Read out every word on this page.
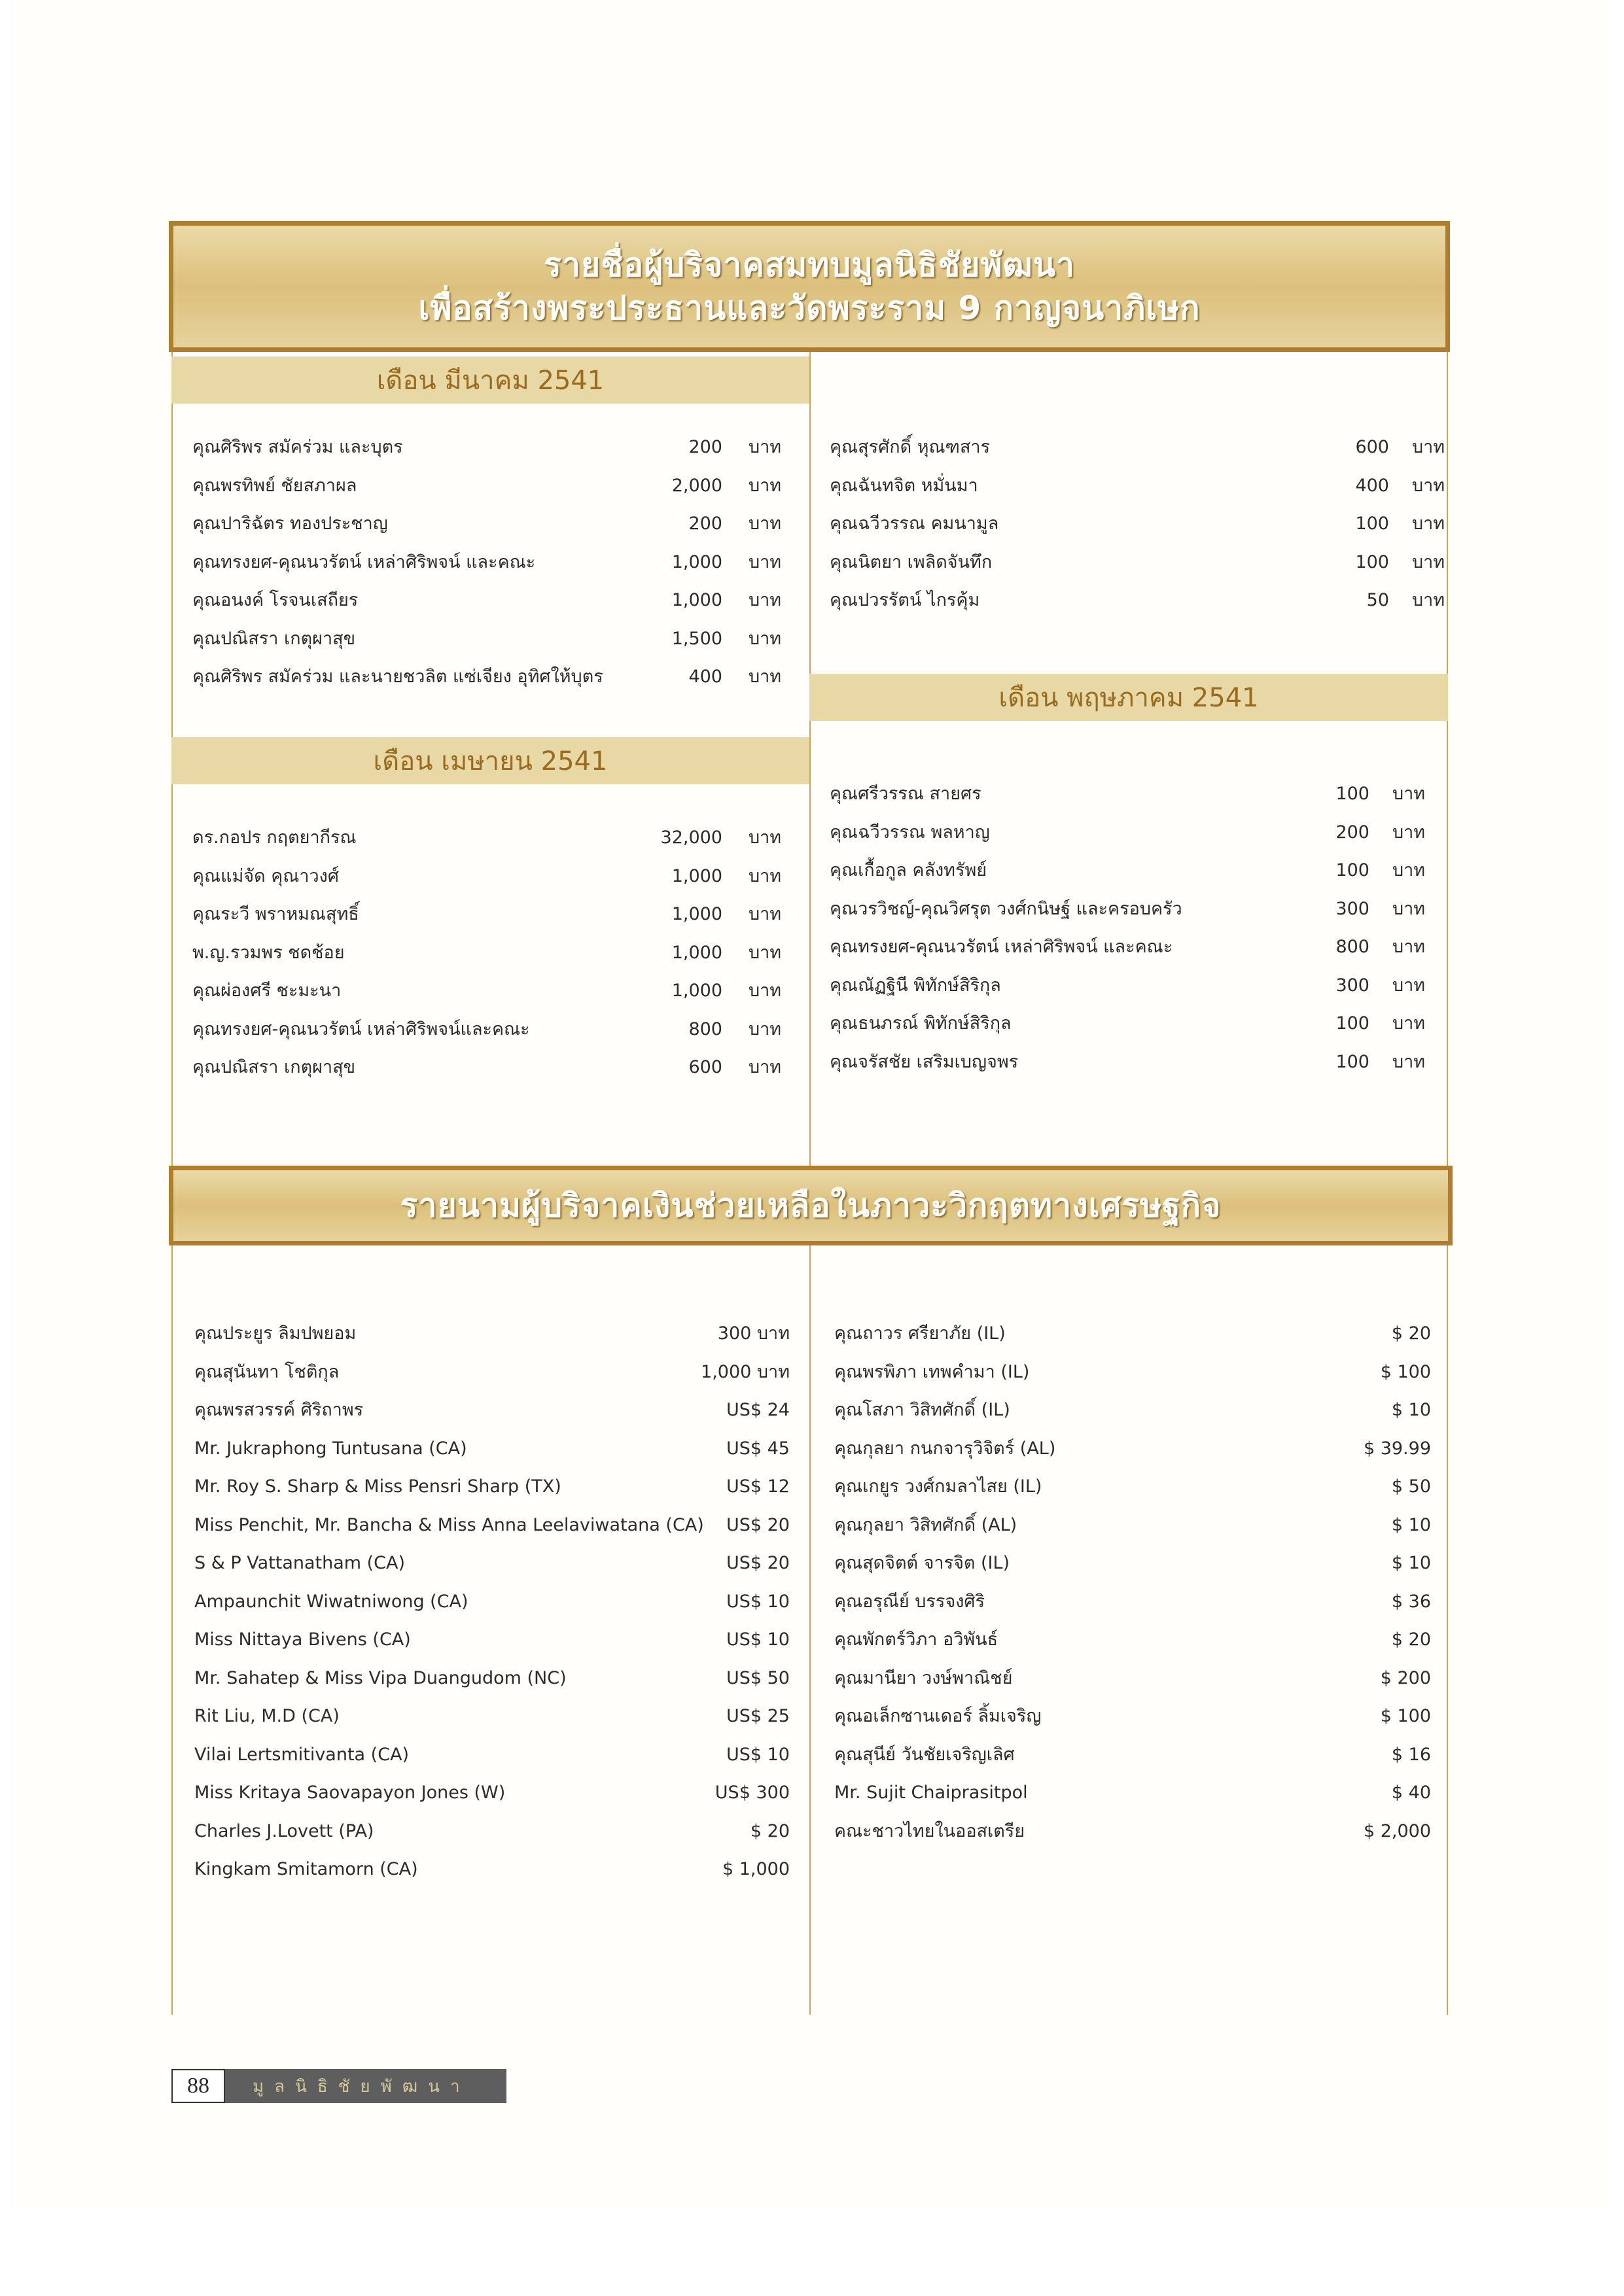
รายชื่อผู้บริจาคสมทบมูลนิธิชัยพัฒนา
เพื่อสร้างพระประธานและวัดพระราม 9 กาญจนาภิเษก
เดือน มีนาคม 2541
เดือน เมษายน 2541
เดือน พฤษภาคม 2541
คุณศิริพร สมัคร่วม และบุตร	200 บาท
คุณพรทิพย์ ชัยสภาผล	2,000 บาท
คุณปาริฉัตร ทองประชาญ	200 บาท
คุณทรงยศ-คุณนวรัตน์ เหล่าศิริพจน์ และคณะ	1,000 บาท
คุณอนงค์ โรจนเสถียร	1,000 บาท
คุณปณิสรา เกตุผาสุข	1,500 บาท
คุณศิริพร สมัคร่วม และนายชวลิต แซ่เจียง อุทิศให้บุตร	400 บาท
คุณสุรศักดิ์ หุณฑสาร	600 บาท
คุณฉันทจิต หมั่นมา	400 บาท
คุณฉวีวรรณ คมนามูล	100 บาท
คุณนิตยา เพลิดจันทึก	100 บาท
คุณปวรรัตน์ ไกรคุ้ม	50 บาท
ดร.กอปร กฤตยากีรณ	32,000 บาท
คุณแม่จัด คุณาวงศ์	1,000 บาท
คุณระวี พราหมณสุทธิ์	1,000 บาท
พ.ญ.รวมพร ชดช้อย	1,000 บาท
คุณผ่องศรี ชะมะนา	1,000 บาท
คุณทรงยศ-คุณนวรัตน์ เหล่าศิริพจน์และคณะ	800 บาท
คุณปณิสรา เกตุผาสุข	600 บาท
คุณศรีวรรณ สายศร	100 บาท
คุณฉวีวรรณ พลหาญ	200 บาท
คุณเกื้อกูล คลังทรัพย์	100 บาท
คุณวรวิชญ์-คุณวิศรุต วงศ์กนิษฐ์ และครอบครัว	300 บาท
คุณทรงยศ-คุณนวรัตน์ เหล่าศิริพจน์ และคณะ	800 บาท
คุณณัฏฐินี พิทักษ์สิริกุล	300 บาท
คุณธนภรณ์ พิทักษ์สิริกุล	100 บาท
คุณจรัสชัย เสริมเบญจพร	100 บาท
รายนามผู้บริจาคเงินช่วยเหลือในภาวะวิกฤตทางเศรษฐกิจ
คุณประยูร ลิมปพยอม	300 บาท
คุณสุนันทา โชติกุล	1,000 บาท
คุณพรสวรรค์ ศิริถาพร	US$ 24
Mr. Jukraphong Tuntusana (CA)	US$ 45
Mr. Roy S. Sharp & Miss Pensri Sharp (TX)	US$ 12
Miss Penchit, Mr. Bancha & Miss Anna Leelaviwatana (CA) US$ 20
S & P Vattanatham (CA)	US$ 20
Ampaunchit Wiwatniwong (CA)	US$ 10
Miss Nittaya Bivens (CA)	US$ 10
Mr. Sahatep & Miss Vipa Duangudom (NC)	US$ 50
Rit Liu, M.D (CA)	US$ 25
Vilai Lertsmitivanta (CA)	US$ 10
Miss Kritaya Saovapayon Jones (W)	US$ 300
Charles J.Lovett (PA)	$ 20
Kingkam Smitamorn (CA)	$ 1,000
คุณถาวร ศรียาภัย (IL)	$ 20
คุณพรพิภา เทพคำมา (IL)	$ 100
คุณโสภา วิสิทศักดิ์ (IL)	$ 10
คุณกุลยา กนกจารุวิจิตร์ (AL)	$ 39.99
คุณเกยูร วงศ์กมลาไสย (IL)	$ 50
คุณกุลยา วิสิทศักดิ์ (AL)	$ 10
คุณสุดจิตต์ จารจิต (IL)	$ 10
คุณอรุณีย์ บรรจงศิริ	$ 36
คุณพักตร์วิภา อวิพันธ์	$ 20
คุณมานียา วงษ์พาณิชย์	$ 200
คุณอเล็กซานเดอร์ ลิ้มเจริญ	$ 100
คุณสุนีย์ วันชัยเจริญเลิศ	$ 16
Mr. Sujit Chaiprasitpol	$ 40
คณะชาวไทยในออสเตรีย	$ 2,000
88	มูลนิธิชัยพัฒนา
